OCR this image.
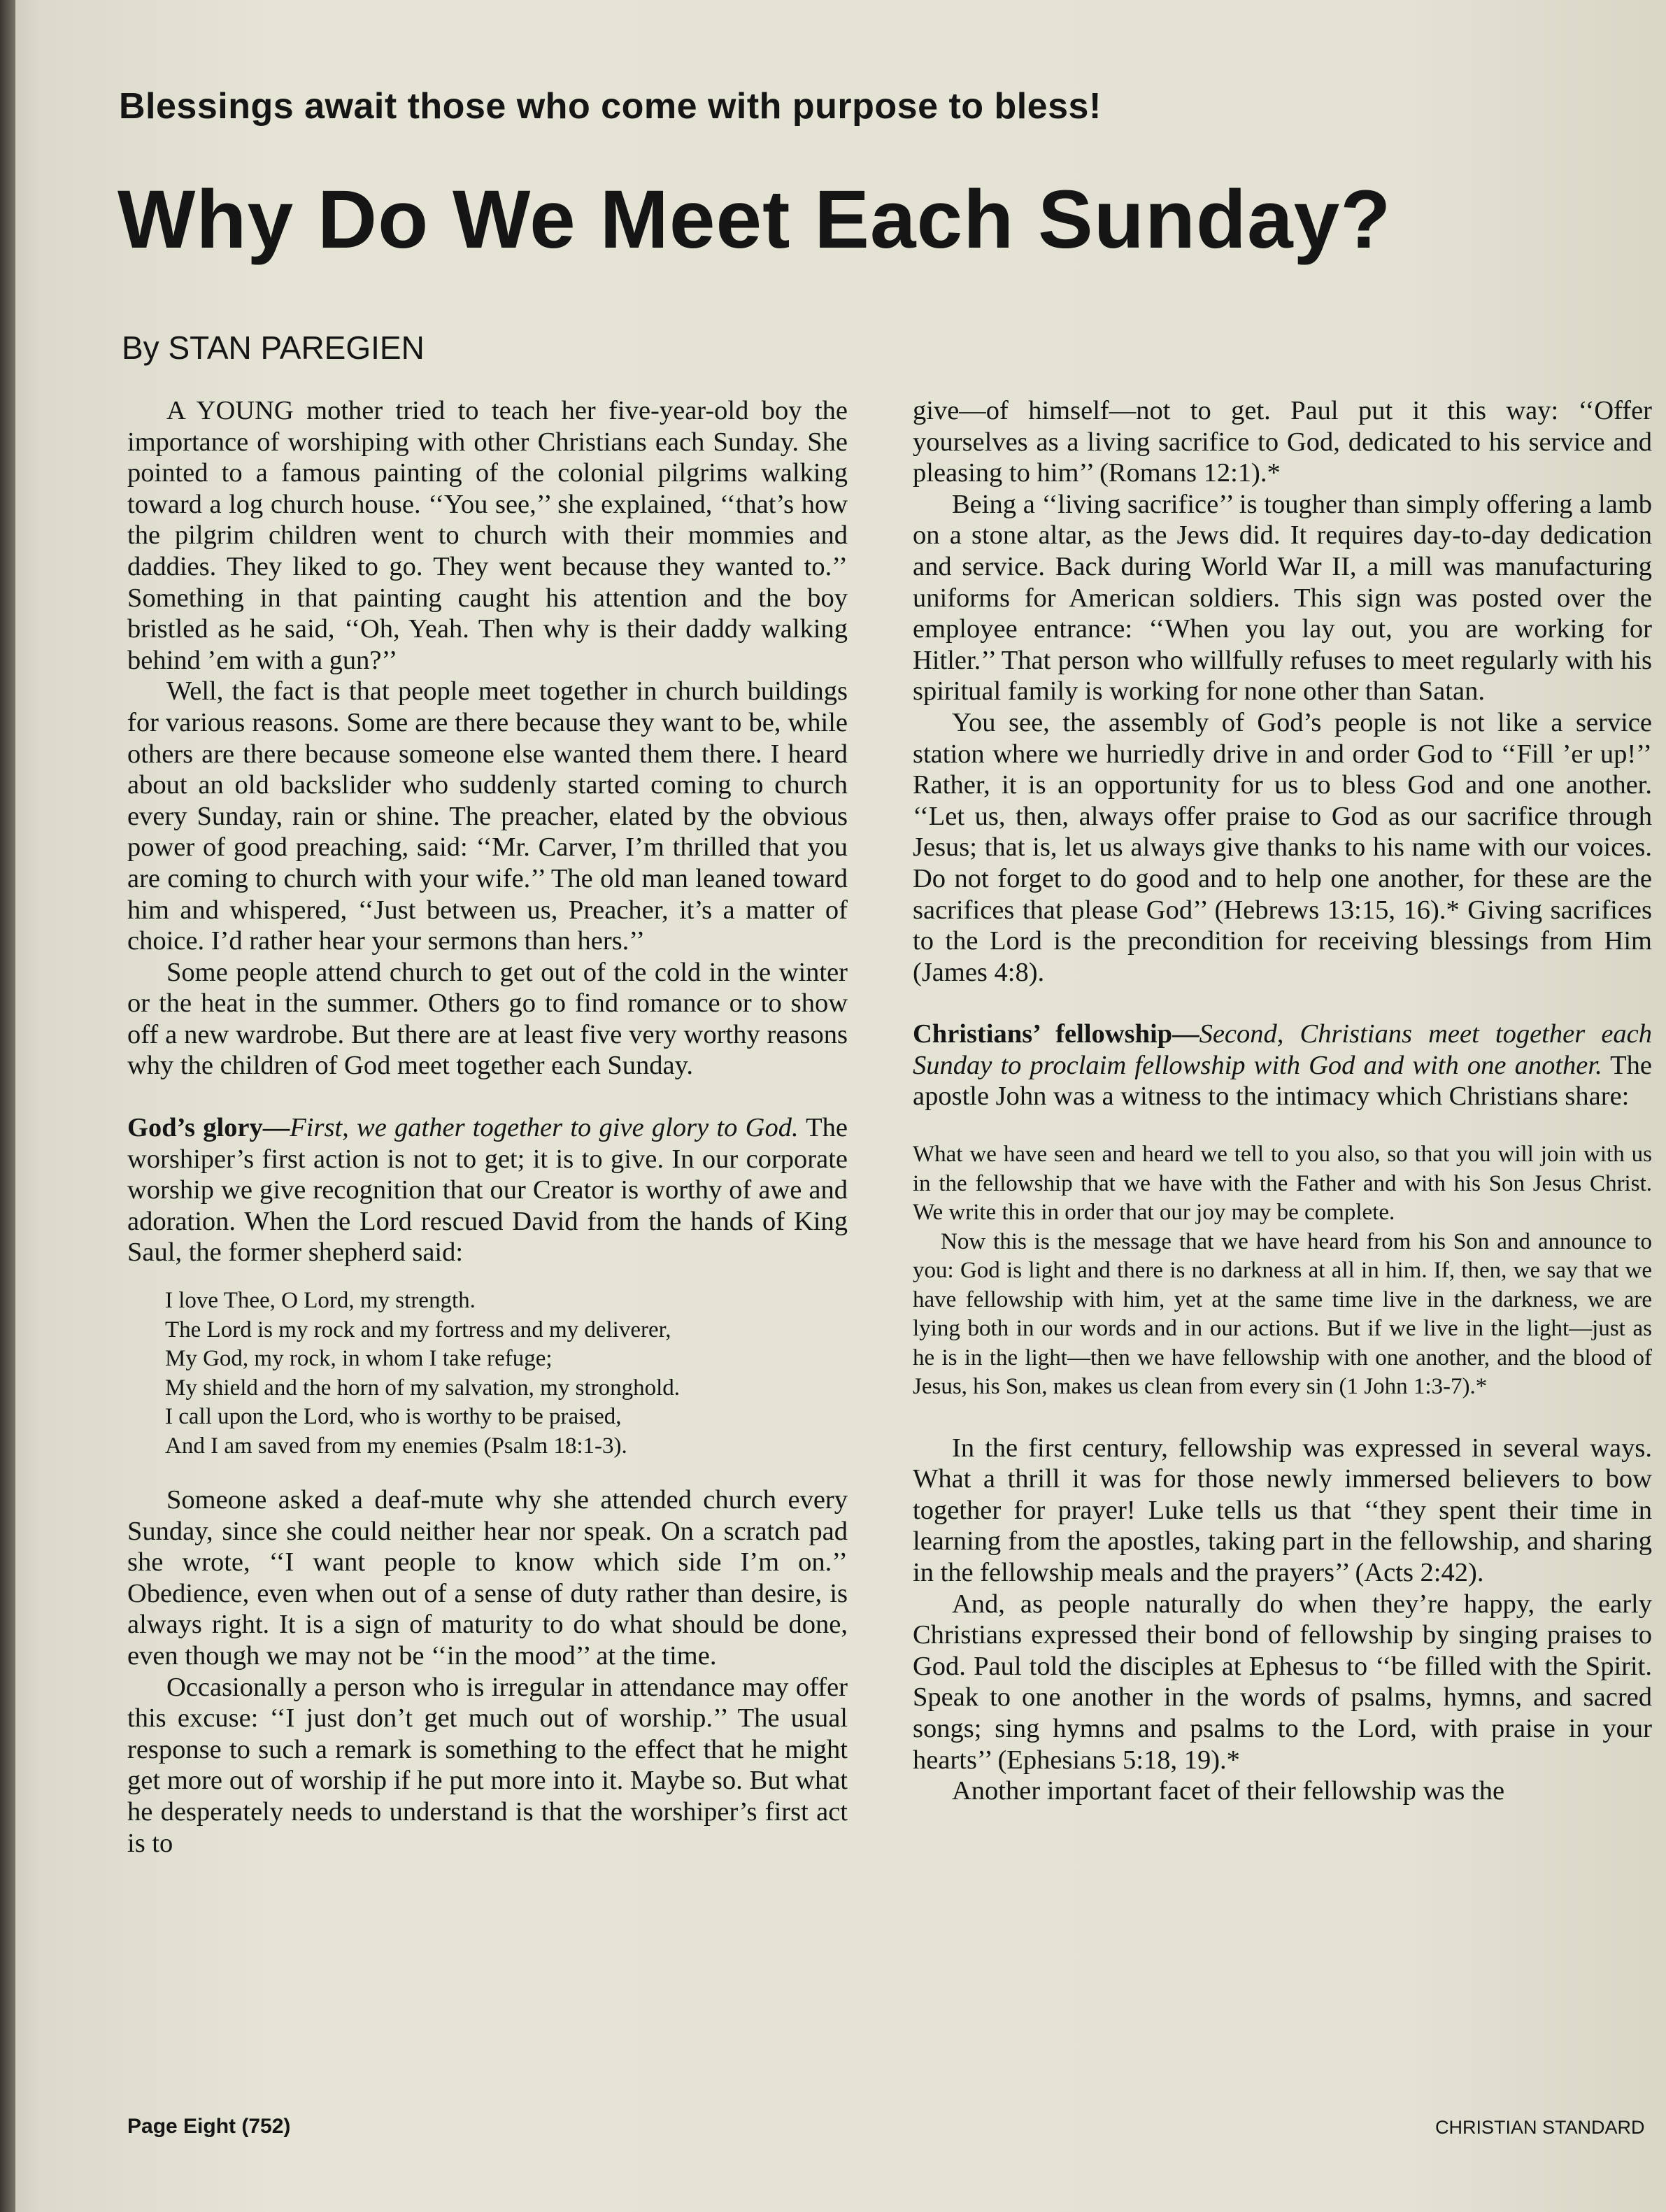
Blessings await those who come with purpose to bless!
Why Do We Meet Each Sunday?
By STAN PAREGIEN

A YOUNG mother tried to teach her five-year-old boy the importance of worshiping with other Christians each Sunday. She pointed to a famous painting of the colonial pilgrims walking toward a log church house. ‘‘You see,’’ she explained, ‘‘that’s how the pilgrim children went to church with their mommies and daddies. They liked to go. They went because they wanted to.’’ Something in that painting caught his attention and the boy bristled as he said, ‘‘Oh, Yeah. Then why is their daddy walking behind ’em with a gun?’’

Well, the fact is that people meet together in church buildings for various reasons. Some are there because they want to be, while others are there because someone else wanted them there. I heard about an old backslider who suddenly started coming to church every Sunday, rain or shine. The preacher, elated by the obvious power of good preaching, said: ‘‘Mr. Carver, I’m thrilled that you are coming to church with your wife.’’ The old man leaned toward him and whispered, ‘‘Just between us, Preacher, it’s a matter of choice. I’d rather hear your sermons than hers.’’

Some people attend church to get out of the cold in the winter or the heat in the summer. Others go to find romance or to show off a new wardrobe. But there are at least five very worthy reasons why the children of God meet together each Sunday.

God’s glory—First, we gather together to give glory to God. The worshiper’s first action is not to get; it is to give. In our corporate worship we give recognition that our Creator is worthy of awe and adoration. When the Lord rescued David from the hands of King Saul, the former shepherd said:

I love Thee, O Lord, my strength.
The Lord is my rock and my fortress and my deliverer,
My God, my rock, in whom I take refuge;
My shield and the horn of my salvation, my stronghold.
I call upon the Lord, who is worthy to be praised,
And I am saved from my enemies (Psalm 18:1-3).

Someone asked a deaf-mute why she attended church every Sunday, since she could neither hear nor speak. On a scratch pad she wrote, ‘‘I want people to know which side I’m on.’’ Obedience, even when out of a sense of duty rather than desire, is always right. It is a sign of maturity to do what should be done, even though we may not be ‘‘in the mood’’ at the time.

Occasionally a person who is irregular in attendance may offer this excuse: ‘‘I just don’t get much out of worship.’’ The usual response to such a remark is something to the effect that he might get more out of worship if he put more into it. Maybe so. But what he desperately needs to understand is that the worshiper’s first act is to

give—of himself—not to get. Paul put it this way: ‘‘Offer yourselves as a living sacrifice to God, dedicated to his service and pleasing to him’’ (Romans 12:1).*

Being a ‘‘living sacrifice’’ is tougher than simply offering a lamb on a stone altar, as the Jews did. It requires day-to-day dedication and service. Back during World War II, a mill was manufacturing uniforms for American soldiers. This sign was posted over the employee entrance: ‘‘When you lay out, you are working for Hitler.’’ That person who willfully refuses to meet regularly with his spiritual family is working for none other than Satan.

You see, the assembly of God’s people is not like a service station where we hurriedly drive in and order God to ‘‘Fill ’er up!’’ Rather, it is an opportunity for us to bless God and one another. ‘‘Let us, then, always offer praise to God as our sacrifice through Jesus; that is, let us always give thanks to his name with our voices. Do not forget to do good and to help one another, for these are the sacrifices that please God’’ (Hebrews 13:15, 16).* Giving sacrifices to the Lord is the precondition for receiving blessings from Him (James 4:8).

Christians’ fellowship—Second, Christians meet together each Sunday to proclaim fellowship with God and with one another. The apostle John was a witness to the intimacy which Christians share:

What we have seen and heard we tell to you also, so that you will join with us in the fellowship that we have with the Father and with his Son Jesus Christ. We write this in order that our joy may be complete.

Now this is the message that we have heard from his Son and announce to you: God is light and there is no darkness at all in him. If, then, we say that we have fellowship with him, yet at the same time live in the darkness, we are lying both in our words and in our actions. But if we live in the light—just as he is in the light—then we have fellowship with one another, and the blood of Jesus, his Son, makes us clean from every sin (1 John 1:3-7).*

In the first century, fellowship was expressed in several ways. What a thrill it was for those newly immersed believers to bow together for prayer! Luke tells us that ‘‘they spent their time in learning from the apostles, taking part in the fellowship, and sharing in the fellowship meals and the prayers’’ (Acts 2:42).

And, as people naturally do when they’re happy, the early Christians expressed their bond of fellowship by singing praises to God. Paul told the disciples at Ephesus to ‘‘be filled with the Spirit. Speak to one another in the words of psalms, hymns, and sacred songs; sing hymns and psalms to the Lord, with praise in your hearts’’ (Ephesians 5:18, 19).*

Another important facet of their fellowship was the

Page Eight (752)	CHRISTIAN STANDARD
